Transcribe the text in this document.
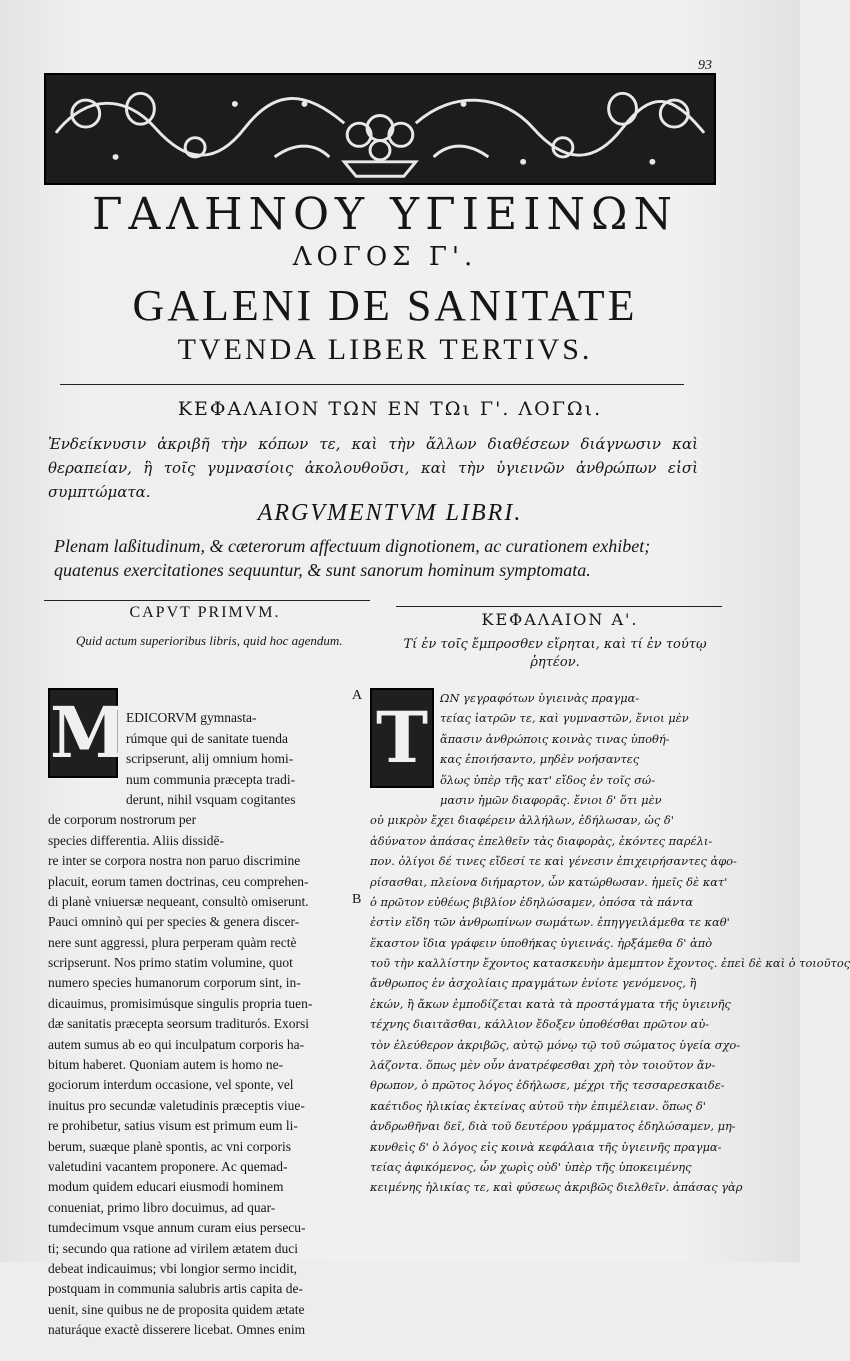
93
ΓΑΛΗΝΟΥ ΥΓΙΕΙΝΩΝ
ΛΟΓΟΣ Γ'.
GALENI DE SANITATE
TVENDA LIBER TERTIVS.
ΚΕΦΑΛΑΙΟΝ ΤΩΝ ΕΝ ΤΩι Γ'. ΛΟΓΩι.
Ἐνδείκνυσιν ἀκριβῆ τὴν κόπων τε, καὶ τὴν ἄλλων διαθέσεων διάγνωσιν καὶ θεραπείαν, ἣ τοῖς γυμνασίοις ἀκολουθοῦσι, καὶ τὴν ὑγιεινῶν ἀνθρώπων εἰσὶ συμπτώματα.
ARGVMENTVM LIBRI.
Plenam laßitudinum, & cæterorum affectuum dignotionem, ac curationem exhibet; quatenus exercitationes sequuntur, & sunt sanorum hominum symptomata.
CAPVT PRIMVM.	ΚΕΦΑΛΑΙΟΝ Α'.
Quid actum superioribus libris, quid hoc agendum.	Τί ἐν τοῖς ἔμπροσθεν εἴρηται, καὶ τί ἐν τούτῳ ῥητέον.

EDICORVM gymnasta-
rúmque qui de sanitate tuenda
scripserunt, alij omnium homi-
num communia præcepta tradi-
derunt, nihil vsquam cogitantes
de corporum nostrorum per
species differentia. Aliis dissidē-
re inter se corpora nostra non paruo discrimine
placuit, eorum tamen doctrinas, ceu comprehen-
di planè vniuersæ nequeant, consultò omiserunt.
Pauci omninò qui per species & genera discer-
nere sunt aggressi, plura perperam quàm rectè
scripserunt. Nos primo statim volumine, quot
numero species humanorum corporum sint, in-
dicauimus, promisimúsque singulis propria tuen-
dæ sanitatis præcepta seorsum traditurós. Exorsi
autem sumus ab eo qui inculpatum corporis ha-
bitum haberet. Quoniam autem is homo ne-
gociorum interdum occasione, vel sponte, vel
inuitus pro secundæ valetudinis præceptis viue-
re prohibetur, satius visum est primum eum li-
berum, suæque planè spontis, ac vni corporis
valetudini vacantem proponere. Ac quemad-
modum quidem educari eiusmodi hominem
conueniat, primo libro docuimus, ad quar-
tumdecimum vsque annum curam eius persecu-
ti; secundo qua ratione ad virilem ætatem duci
debeat indicauimus; vbi longior sermo incidit,
postquam in communia salubris artis capita de-
uenit, sine quibus ne de proposita quidem ætate
naturáque exactè disserere licebat. Omnes enim

M	A
B
ΩΝ γεγραφότων ὑγιεινὰς πραγμα-
τείας ἰατρῶν τε, καὶ γυμναστῶν, ἔνιοι μὲν
ἅπασιν ἀνθρώποις κοινὰς τινας ὑποθή-
κας ἐποιήσαντο, μηδὲν νοήσαντες
ὅλως ὑπὲρ τῆς κατ' εἴδος ἐν τοῖς σώ-
μασιν ἡμῶν διαφορᾶς. ἔνιοι δ' ὅτι μὲν
οὐ μικρὸν ἔχει διαφέρειν ἀλλήλων, ἐδήλωσαν, ὡς δ'
ἀδύνατον ἁπάσας ἐπελθεῖν τὰς διαφορὰς, ἑκόντες παρέλι-
πον. ὀλίγοι δέ τινες εἴδεσί τε καὶ γένεσιν ἐπιχειρήσαντες ἀφο-
ρίσασθαι, πλείονα διήμαρτον, ὧν κατώρθωσαν. ἡμεῖς δὲ κατ'
ὁ πρῶτον εὐθέως βιβλίον ἐδηλώσαμεν, ὁπόσα τὰ πάντα
ἐστὶν εἴδη τῶν ἀνθρωπίνων σωμάτων. ἐπηγγειλάμεθα τε καθ'
ἕκαστον ἴδια γράφειν ὑποθήκας ὑγιεινάς. ἠρξάμεθα δ' ἀπὸ
τοῦ τὴν καλλίστην ἔχοντος κατασκευὴν ἀμεμπτον ἔχοντος. ἐπεὶ δὲ καὶ ὁ τοιοῦτος
ἄνθρωπος ἐν ἀσχολίαις πραγμάτων ἐνίοτε γενόμενος, ἢ
ἑκών, ἢ ἄκων ἐμποδίζεται κατὰ τὰ προστάγματα τῆς ὑγιεινῆς
τέχνης διαιτᾶσθαι, κάλλιον ἔδοξεν ὑποθέσθαι πρῶτον αὐ-
τὸν ἐλεύθερον ἀκριβῶς, αὐτῷ μόνῳ τῷ τοῦ σώματος ὑγεία σχο-
λάζοντα. ὅπως μὲν οὖν ἀνατρέφεσθαι χρὴ τὸν τοιοῦτον ἄν-
θρωπον, ὁ πρῶτος λόγος ἐδήλωσε, μέχρι τῆς τεσσαρεσκαιδε-
καέτιδος ἡλικίας ἐκτείνας αὐτοῦ τὴν ἐπιμέλειαν. ὅπως δ'
ἀνδρωθῆναι δεῖ, διὰ τοῦ δευτέρου γράμματος ἐδηλώσαμεν, μη-
κυνθεὶς δ' ὁ λόγος εἰς κοινὰ κεφάλαια τῆς ὑγιεινῆς πραγμα-
τείας ἀφικόμενος, ὧν χωρὶς οὐδ' ὑπὲρ τῆς ὑποκειμένης
κειμένης ἡλικίας τε, καὶ φύσεως ἀκριβῶς διελθεῖν. ἁπάσας γὰρ
Τ
